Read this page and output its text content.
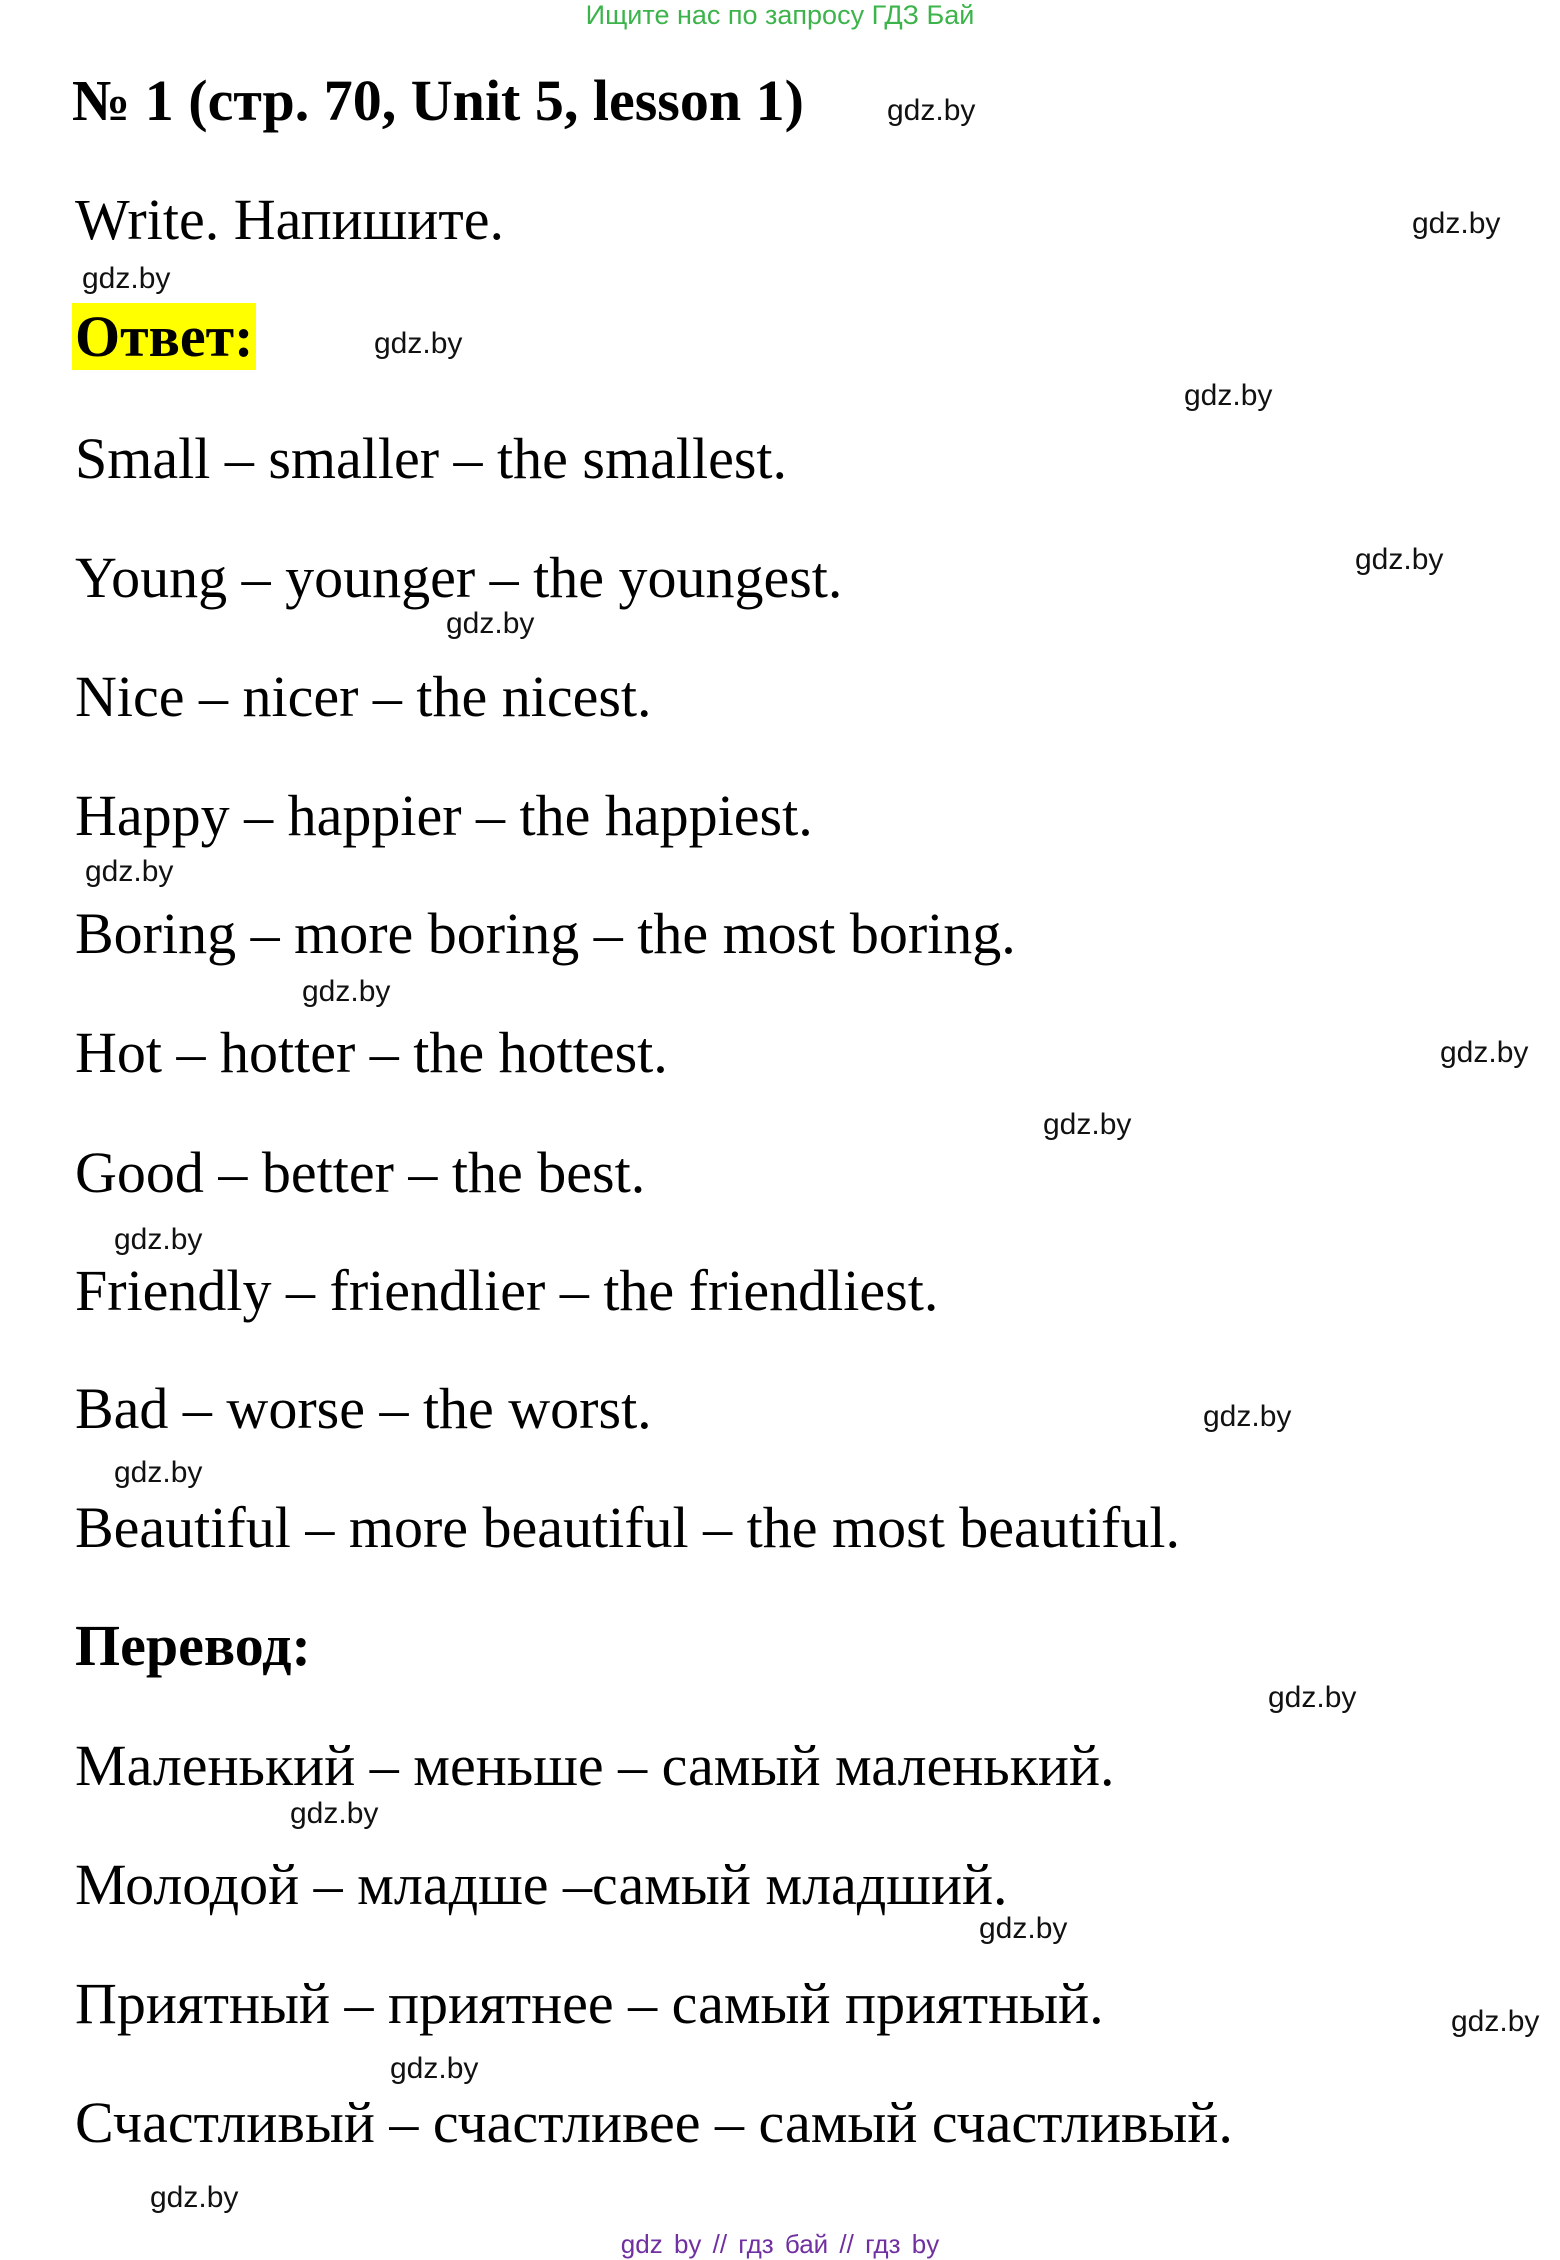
Ищите нас по запросу ГДЗ Бай
№ 1 (стр. 70, Unit 5, lesson 1)
Write. Напишите.
Ответ:
Small – smaller – the smallest.
Young – younger – the youngest.
Nice – nicer – the nicest.
Happy – happier – the happiest.
Boring – more boring – the most boring.
Hot – hotter – the hottest.
Good – better – the best.
Friendly – friendlier – the friendliest.
Bad – worse – the worst.
Beautiful – more beautiful – the most beautiful.
Перевод:
Маленький – меньше – самый маленький.
Молодой – младше –самый младший.
Приятный – приятнее – самый приятный.
Счастливый – счастливее – самый счастливый.
gdz.by
gdz.by
gdz.by
gdz.by
gdz.by
gdz.by
gdz.by
gdz.by
gdz.by
gdz.by
gdz.by
gdz.by
gdz.by
gdz.by
gdz.by
gdz.by
gdz.by
gdz.by
gdz.by
gdz.by
gdz by // гдз бай // гдз by
